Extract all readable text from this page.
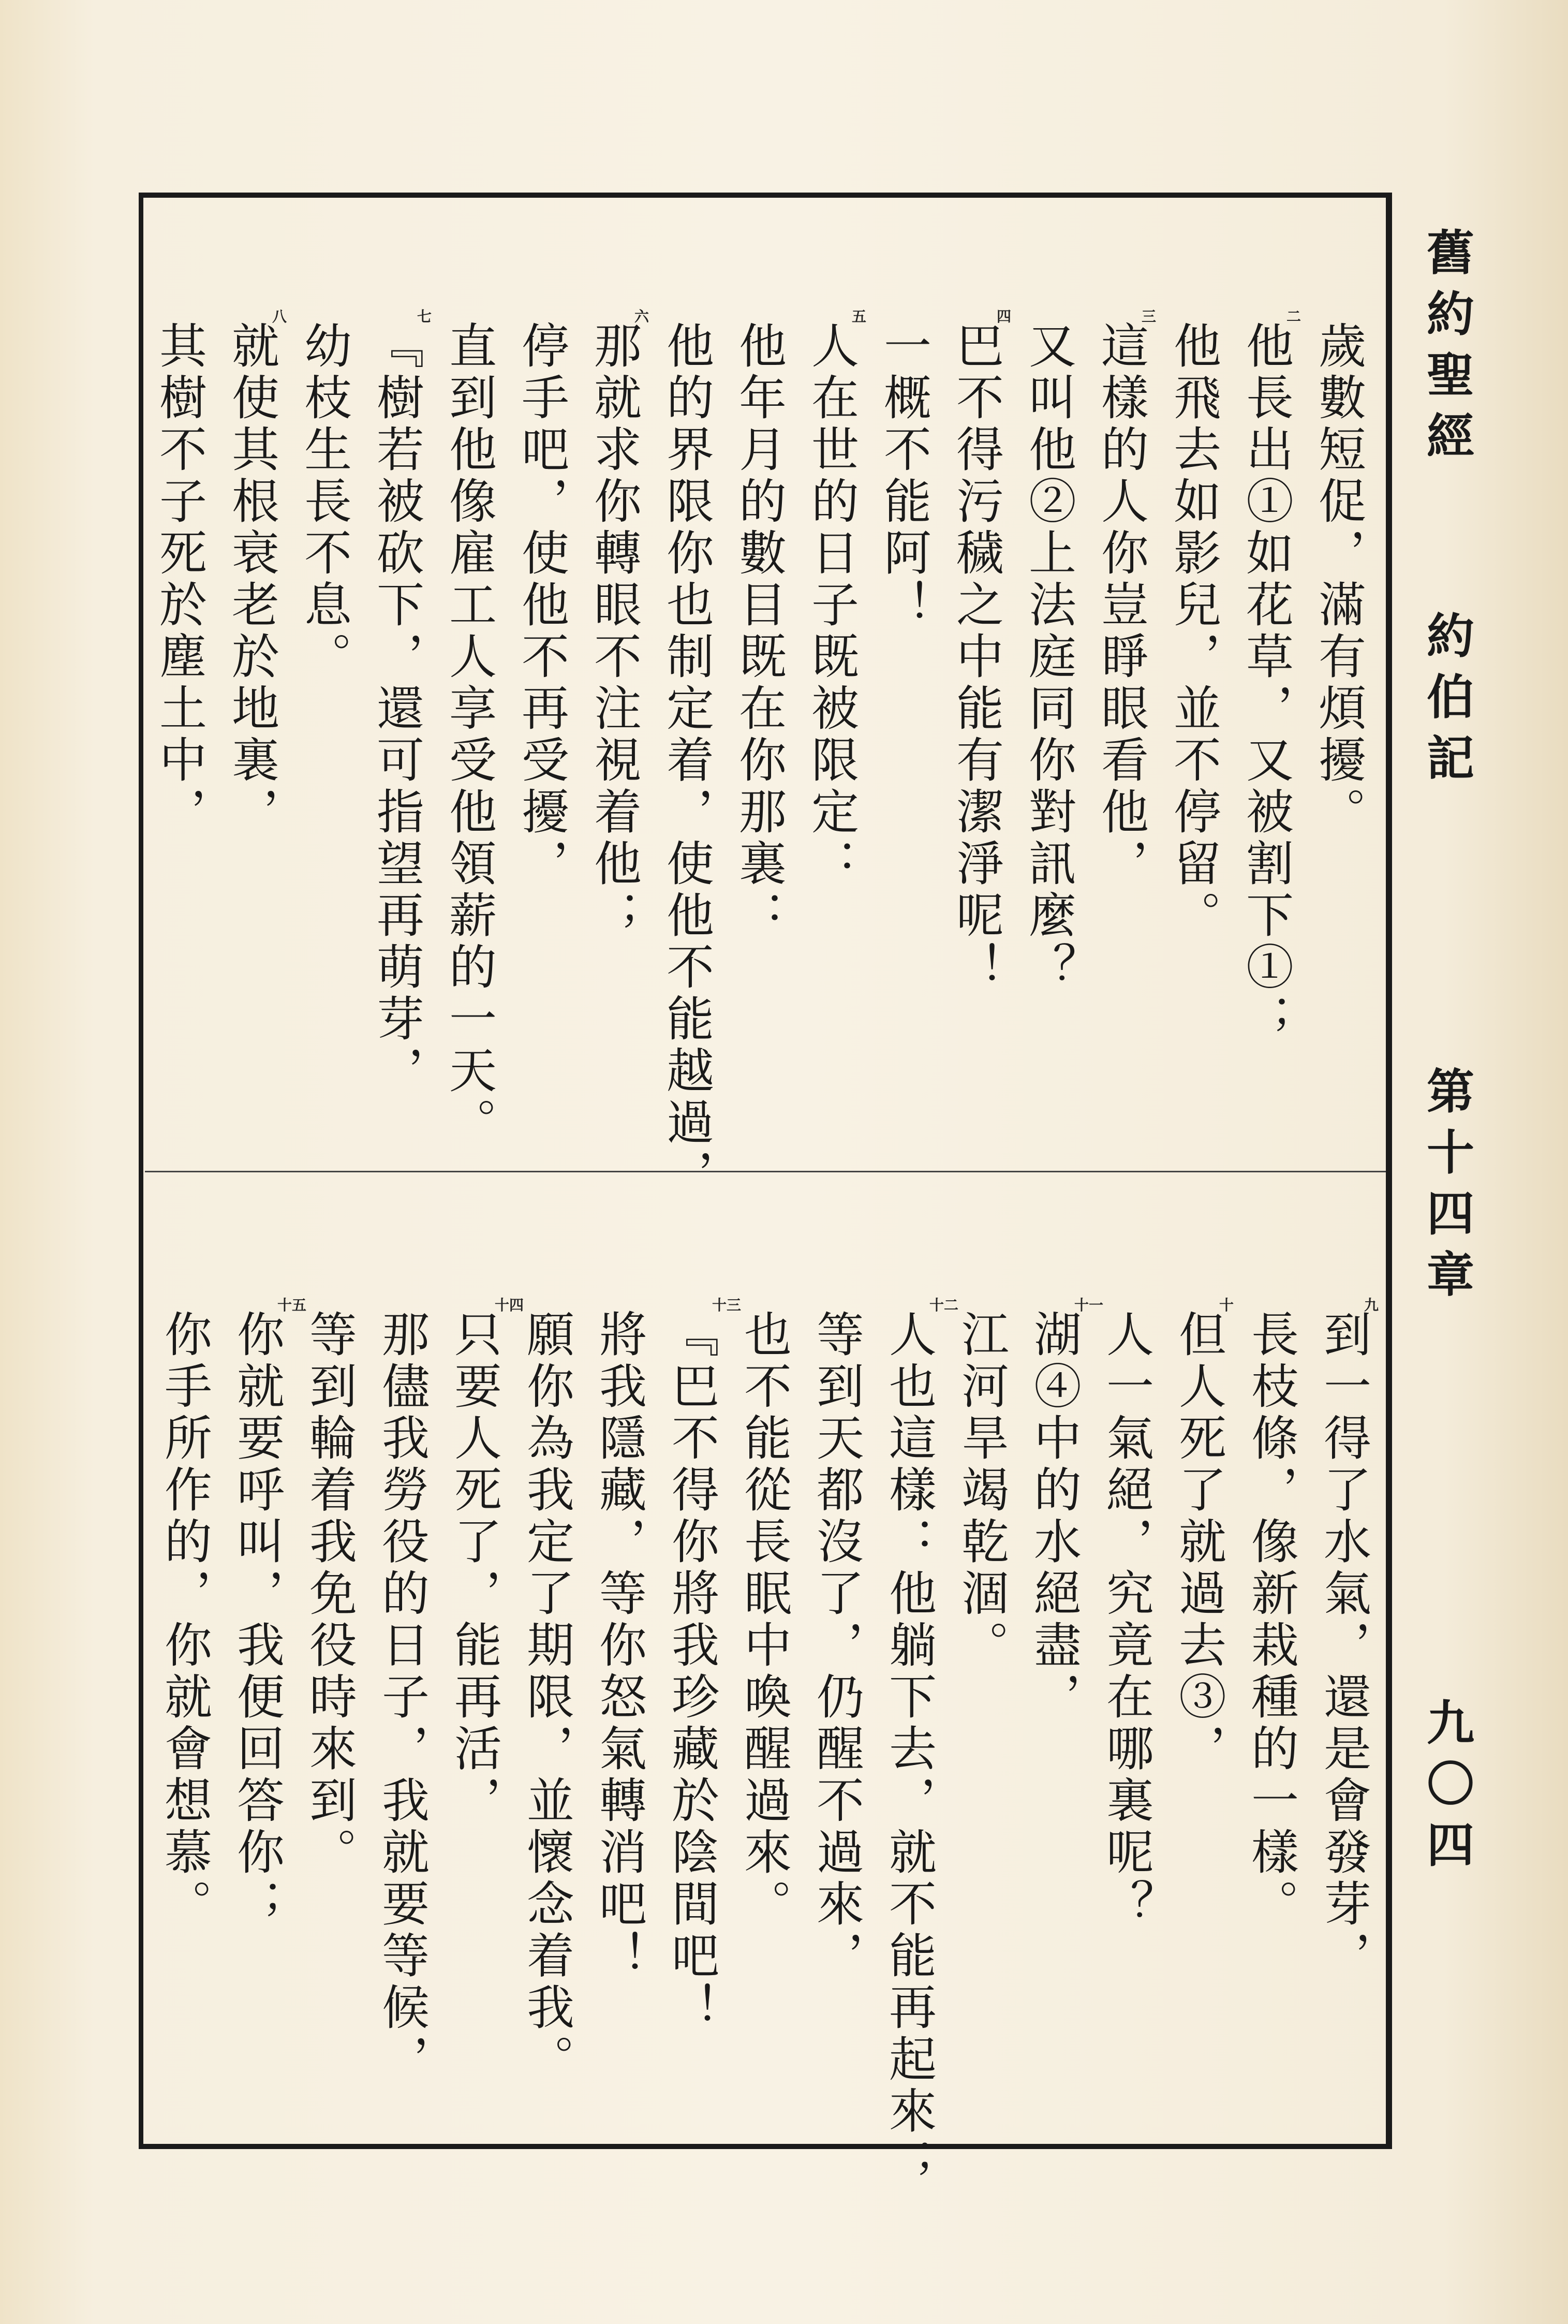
舊約聖經
約伯記
第十四章
九〇四
歲數短促，滿有煩擾。
二
他長出①如花草，又被割下①；
他飛去如影兒，並不停留。
三
這樣的人你豈睜眼看他，
又叫他②上法庭同你對訊麼？
四
巴不得污穢之中能有潔淨呢！
一概不能阿！
五
人在世的日子既被限定：
他年月的數目既在你那裏：
他的界限你也制定着，使他不能越過，
六
那就求你轉眼不注視着他；
停手吧，使他不再受擾，
直到他像雇工人享受他領薪的一天。
七
『樹若被砍下，還可指望再萌芽，
幼枝生長不息。
八
就使其根衰老於地裏，
其樹不子死於塵土中，
九
到一得了水氣，還是會發芽，
長枝條，像新栽種的一樣。
十
但人死了就過去③，
人一氣絕，究竟在哪裏呢？
十一
湖④中的水絕盡，
江河旱竭乾涸。
十二
人也這樣：他躺下去，就不能再起來；
等到天都沒了，仍醒不過來，
也不能從長眠中喚醒過來。
十三
『巴不得你將我珍藏於陰間吧！
將我隱藏，等你怒氣轉消吧！
願你為我定了期限，並懷念着我。
十四
只要人死了，能再活，
那儘我勞役的日子，我就要等候，
等到輪着我免役時來到。
十五
你就要呼叫，我便回答你；
你手所作的，你就會想慕。
